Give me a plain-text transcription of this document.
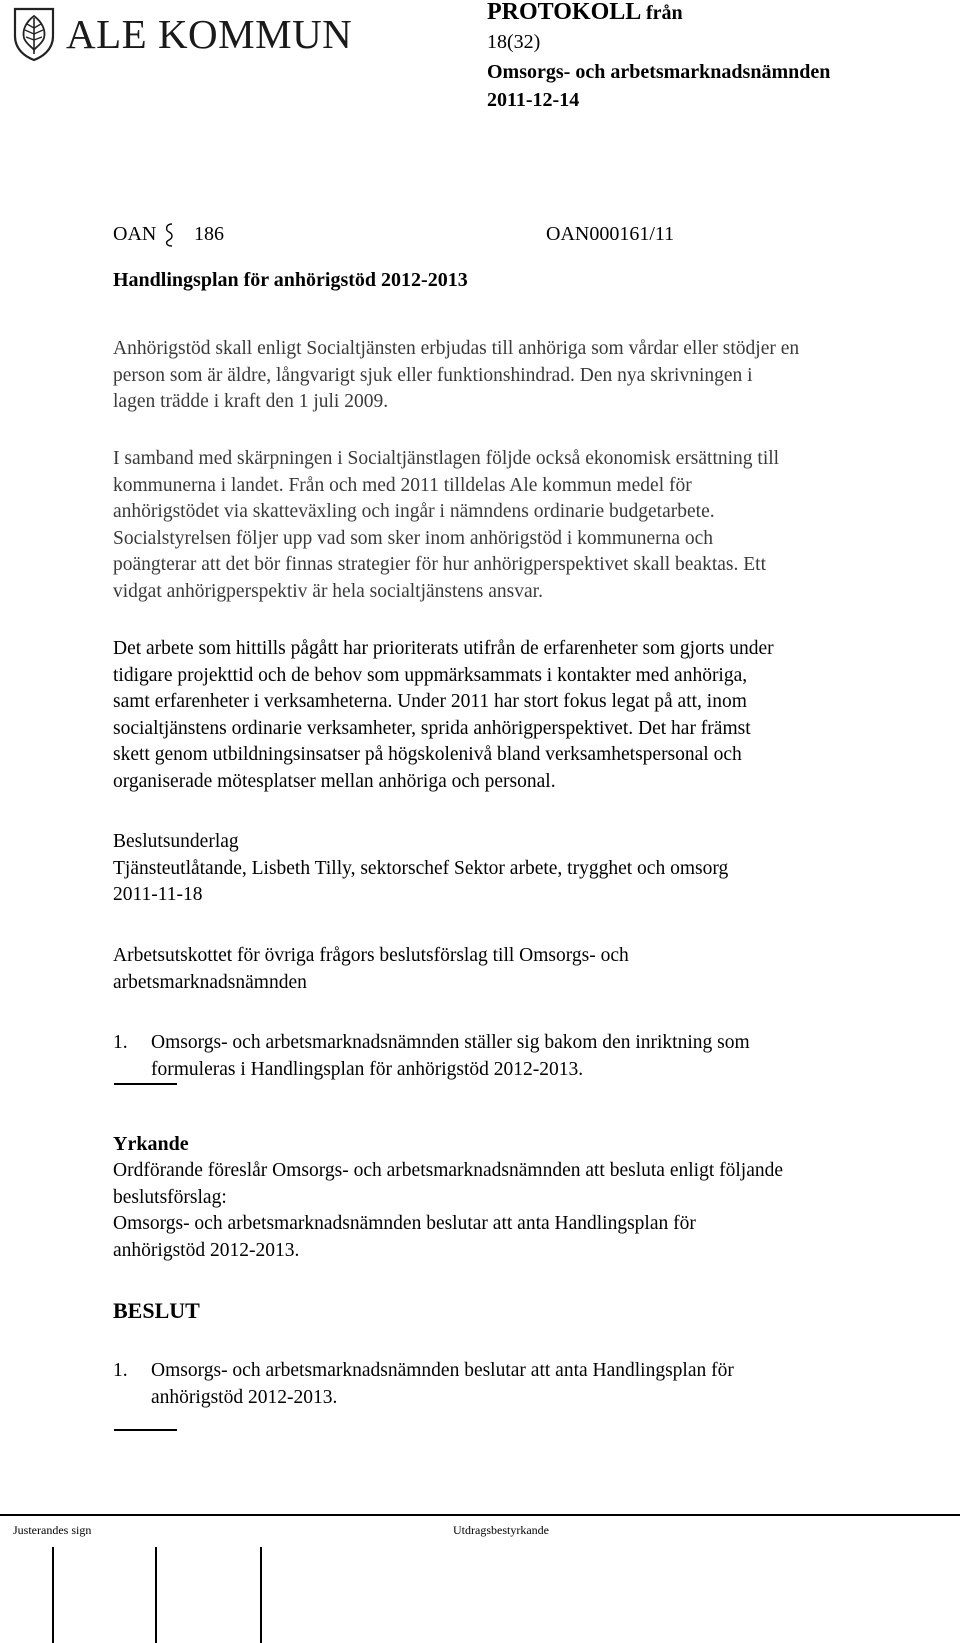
ALE KOMMUN	PROTOKOLL från
18(32)
Omsorgs- och arbetsmarknadsnämnden
2011-12-14
OAN 186	OAN000161/11
Handlingsplan för anhörigstöd 2012-2013

Anhörigstöd skall enligt Socialtjänsten erbjudas till anhöriga som vårdar eller stödjer en

person som är äldre, långvarigt sjuk eller funktionshindrad. Den nya skrivningen i

lagen trädde i kraft den 1 juli 2009.

I samband med skärpningen i Socialtjänstlagen följde också ekonomisk ersättning till

kommunerna i landet. Från och med 2011 tilldelas Ale kommun medel för

anhörigstödet via skatteväxling och ingår i nämndens ordinarie budgetarbete.

Socialstyrelsen följer upp vad som sker inom anhörigstöd i kommunerna och

poängterar att det bör finnas strategier för hur anhörigperspektivet skall beaktas. Ett

vidgat anhörigperspektiv är hela socialtjänstens ansvar.

Det arbete som hittills pågått har prioriterats utifrån de erfarenheter som gjorts under

tidigare projekttid och de behov som uppmärksammats i kontakter med anhöriga,

samt erfarenheter i verksamheterna. Under 2011 har stort fokus legat på att, inom

socialtjänstens ordinarie verksamheter, sprida anhörigperspektivet. Det har främst

skett genom utbildningsinsatser på högskolenivå bland verksamhetspersonal och

organiserade mötesplatser mellan anhöriga och personal.

Beslutsunderlag

Tjänsteutlåtande, Lisbeth Tilly, sektorschef Sektor arbete, trygghet och omsorg

2011-11-18

Arbetsutskottet för övriga frågors beslutsförslag till Omsorgs- och

arbetsmarknadsnämnden

1. Omsorgs- och arbetsmarknadsnämnden ställer sig bakom den inriktning som

formuleras i Handlingsplan för anhörigstöd 2012-2013.

Yrkande

Ordförande föreslår Omsorgs- och arbetsmarknadsnämnden att besluta enligt följande

beslutsförslag:

Omsorgs- och arbetsmarknadsnämnden beslutar att anta Handlingsplan för

anhörigstöd 2012-2013.

BESLUT
1. Omsorgs- och arbetsmarknadsnämnden beslutar att anta Handlingsplan för

anhörigstöd 2012-2013.

Justerandes sign	Utdragsbestyrkande
